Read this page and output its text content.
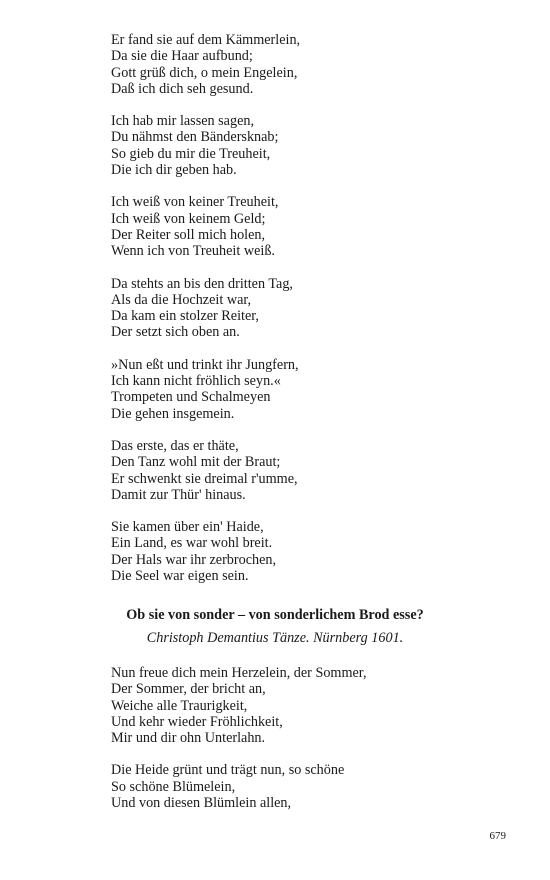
Er fand sie auf dem Kämmerlein,
Da sie die Haar aufbund;
Gott grüß dich, o mein Engelein,
Daß ich dich seh gesund.
Ich hab mir lassen sagen,
Du nähmst den Bändersknab;
So gieb du mir die Treuheit,
Die ich dir geben hab.
Ich weiß von keiner Treuheit,
Ich weiß von keinem Geld;
Der Reiter soll mich holen,
Wenn ich von Treuheit weiß.
Da stehts an bis den dritten Tag,
Als da die Hochzeit war,
Da kam ein stolzer Reiter,
Der setzt sich oben an.
»Nun eßt und trinkt ihr Jungfern,
Ich kann nicht fröhlich seyn.«
Trompeten und Schalmeyen
Die gehen insgemein.
Das erste, das er thäte,
Den Tanz wohl mit der Braut;
Er schwenkt sie dreimal r'umme,
Damit zur Thür' hinaus.
Sie kamen über ein' Haide,
Ein Land, es war wohl breit.
Der Hals war ihr zerbrochen,
Die Seel war eigen sein.
Ob sie von sonder – von sonderlichem Brod esse?
Christoph Demantius Tänze. Nürnberg 1601.
Nun freue dich mein Herzelein, der Sommer,
Der Sommer, der bricht an,
Weiche alle Traurigkeit,
Und kehr wieder Fröhlichkeit,
Mir und dir ohn Unterlahn.
Die Heide grünt und trägt nun, so schöne
So schöne Blümelein,
Und von diesen Blümlein allen,
679
